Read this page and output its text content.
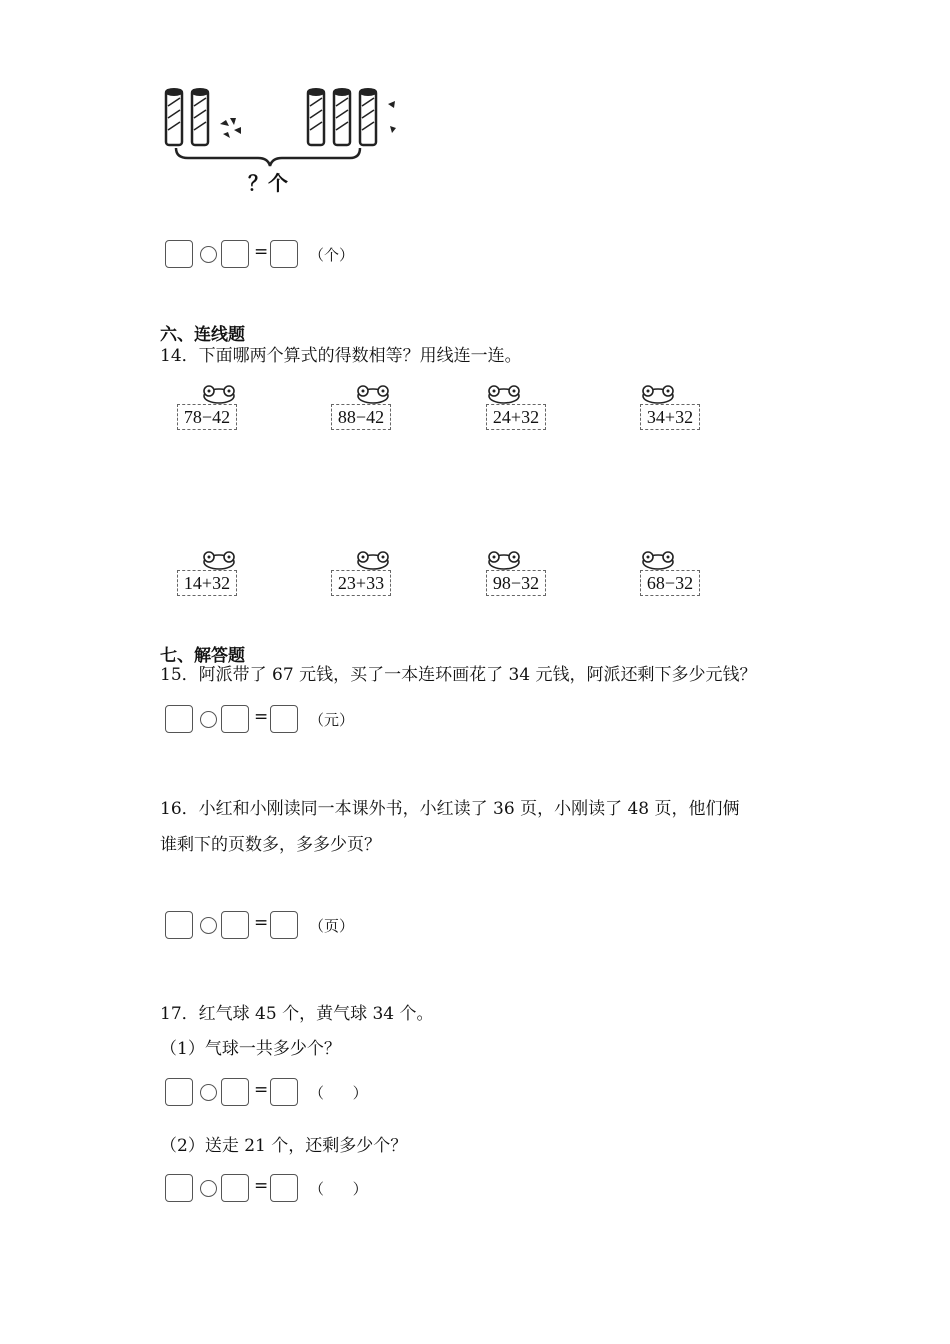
？个
=	（个）
六、连线题
14．下面哪两个算式的得数相等？用线连一连。
78−42	88−42	24+32	34+32
14+32	23+33	98−32	68−32
七、解答题
15．阿派带了 67 元钱，买了一本连环画花了 34 元钱，阿派还剩下多少元钱？
=	（元）
16．小红和小刚读同一本课外书，小红读了 36 页，小刚读了 48 页，他们俩
谁剩下的页数多，多多少页？
=	（页）
17．红气球 45 个，黄气球 34 个。
（1）气球一共多少个？
=	（      ）
（2）送走 21 个，还剩多少个？
=	（      ）
